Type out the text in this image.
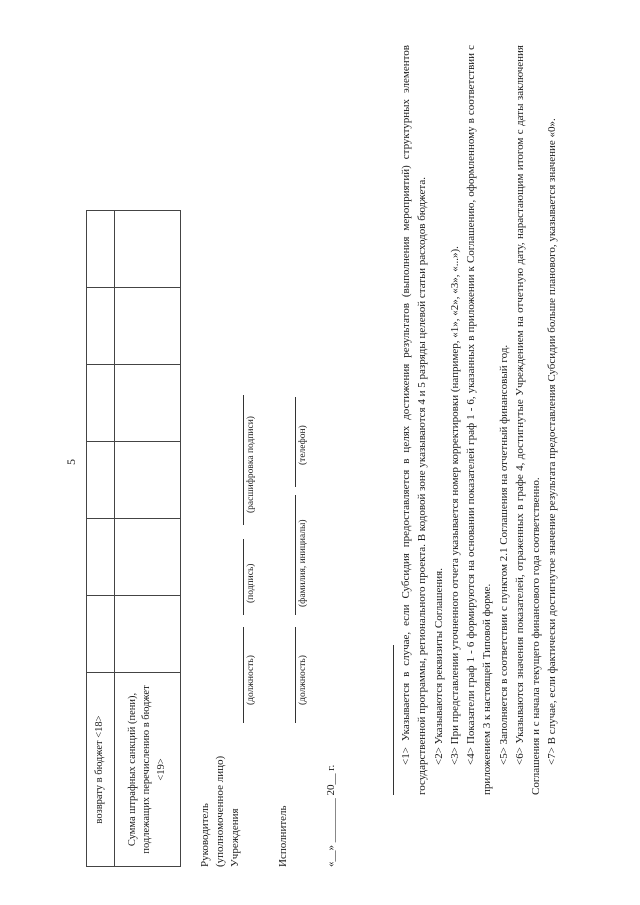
5
возврату в бюджет <18>						
Сумма штрафных санкций (пени), подлежащих перечислению в бюджет <19>						
Руководитель (уполномоченное лицо) Учреждения
(должность)
(подпись)
(расшифровка подписи)
Исполнитель
(должность)
(фамилия, инициалы)
(телефон)
«__» ________ 20__ г.

<1> Указывается в случае, если Субсидия предоставляется в целях достижения результатов (выполнения мероприятий) структурных элементов государственной программы, регионального проекта. В кодовой зоне указываются 4 и 5 разряды целевой статьи расходов бюджета. <2> Указываются реквизиты Соглашения. <3> При представлении уточненного отчета указывается номер корректировки (например, «1», «2», «3», «...»). <4> Показатели граф 1 - 6 формируются на основании показателей граф 1 - 6, указанных в приложении к Соглашению, оформленному в соответствии с приложением 3 к настоящей Типовой форме. <5> Заполняется в соответствии с пунктом 2.1 Соглашения на отчетный финансовый год. <6> Указываются значения показателей, отраженных в графе 4, достигнутые Учреждением на отчетную дату, нарастающим итогом с даты заключения Соглашения и с начала текущего финансового года соответственно. <7> В случае, если фактически достигнутое значение результата предоставления Субсидии больше планового, указывается значение «0».
